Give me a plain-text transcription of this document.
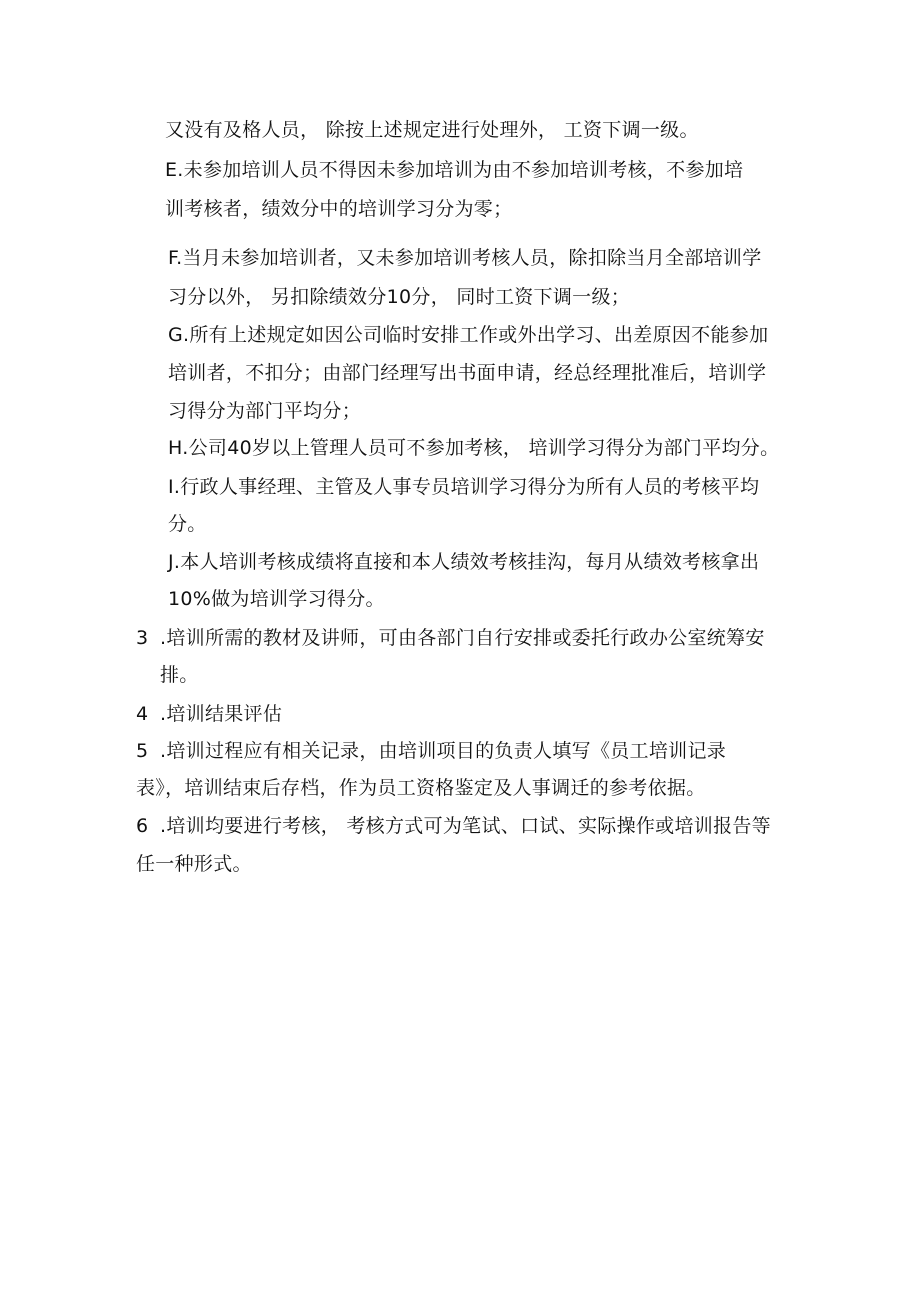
又没有及格人员， 除按上述规定进行处理外， 工资下调一级。
E.未参加培训人员不得因未参加培训为由不参加培训考核，不参加培
训考核者，绩效分中的培训学习分为零；
F.当月未参加培训者，又未参加培训考核人员，除扣除当月全部培训学
习分以外， 另扣除绩效分10分， 同时工资下调一级；
G.所有上述规定如因公司临时安排工作或外出学习、出差原因不能参加
培训者，不扣分；由部门经理写出书面申请，经总经理批准后，培训学
习得分为部门平均分；
H.公司40岁以上管理人员可不参加考核， 培训学习得分为部门平均分。
I.行政人事经理、主管及人事专员培训学习得分为所有人员的考核平均
分。
J.本人培训考核成绩将直接和本人绩效考核挂沟，每月从绩效考核拿出
10%做为培训学习得分。
3 .培训所需的教材及讲师，可由各部门自行安排或委托行政办公室统筹安
排。
4 .培训结果评估
5 .培训过程应有相关记录，由培训项目的负责人填写《员工培训记录
表》，培训结束后存档，作为员工资格鉴定及人事调迁的参考依据。
6 .培训均要进行考核， 考核方式可为笔试、口试、实际操作或培训报告等
任一种形式。
